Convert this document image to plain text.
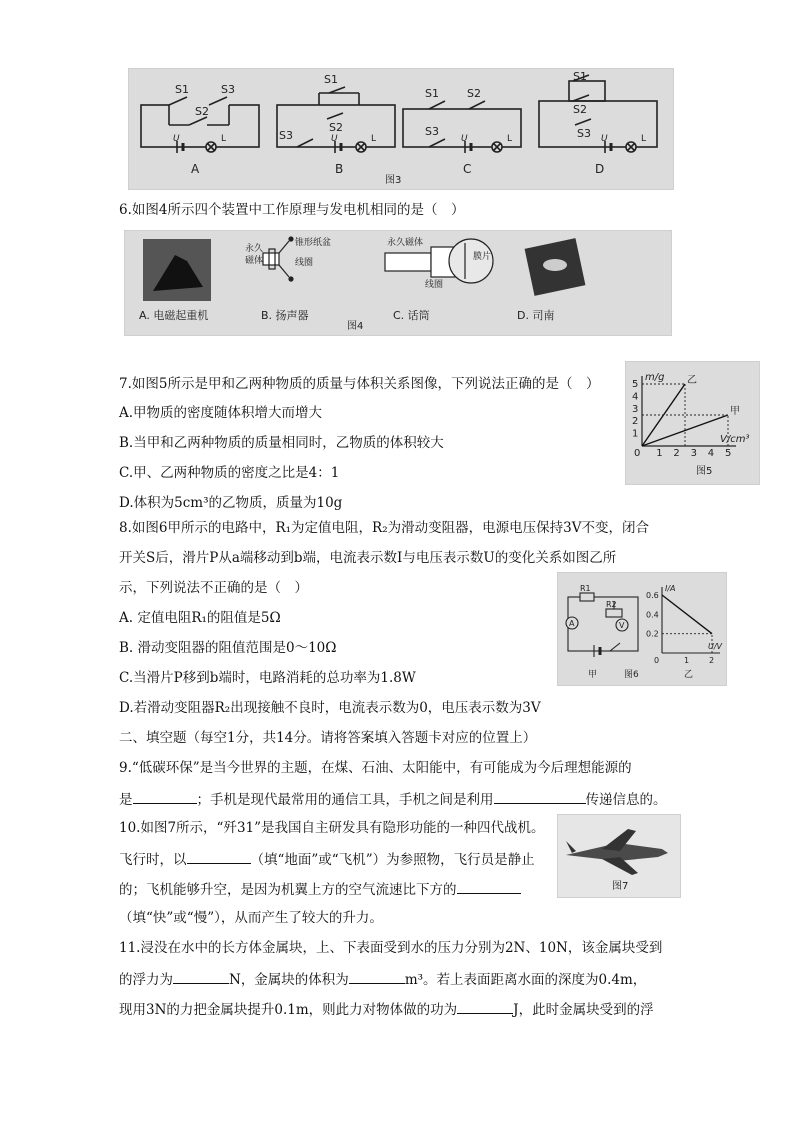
S1	S3
S2
S1
S2
S3
S1	S2
S3
S1
S2
S3
U	L	U	L	U	L	U	L
A	B	C	D
图3
6.如图4所示四个装置中工作原理与发电机相同的是（　）
永久
磁体
锥形纸盆
线圈
永久磁体
膜片
线圈
A. 电磁起重机	B. 扬声器	C. 话筒	D. 司南
图4
7.如图5所示是甲和乙两种物质的质量与体积关系图像，下列说法正确的是（　）
A.甲物质的密度随体积增大而增大
B.当甲和乙两种物质的质量相同时，乙物质的体积较大
C.甲、乙两种物质的密度之比是4：1
D.体积为5cm³的乙物质，质量为10g
1 2 3 4 5
1
2
3
4
5
0
m/g
V/cm³
乙
甲
图5
8.如图6甲所示的电路中，R₁为定值电阻，R₂为滑动变阻器，电源电压保持3V不变，闭合
开关S后，滑片P从a端移动到b端，电流表示数I与电压表示数U的变化关系如图乙所
示，下列说法不正确的是（　）
A. 定值电阻R₁的阻值是5Ω
B. 滑动变阻器的阻值范围是0～10Ω
C.当滑片P移到b端时，电路消耗的总功率为1.8W
D.若滑动变阻器R₂出现接触不良时，电流表示数为0，电压表示数为3V
R1
R2
A	V
甲	图6	乙
1 2
0.2
0.4
0.6
0
I/A
U/V
二、填空题（每空1分，共14分。请将答案填入答题卡对应的位置上）
9.“低碳环保”是当今世界的主题，在煤、石油、太阳能中，有可能成为今后理想能源的
是	；手机是现代最常用的通信工具，手机之间是利用	传递信息的。
10.如图7所示，“歼31”是我国自主研发具有隐形功能的一种四代战机。
飞行时，以	（填“地面”或“飞机”）为参照物，飞行员是静止
的；飞机能够升空，是因为机翼上方的空气流速比下方的
（填“快”或“慢”），从而产生了较大的升力。
图7
11.浸没在水中的长方体金属块，上、下表面受到水的压力分别为2N、10N，该金属块受到
的浮力为	N，金属块的体积为	m³。若上表面距离水面的深度为0.4m，
现用3N的力把金属块提升0.1m，则此力对物体做的功为	J，此时金属块受到的浮
